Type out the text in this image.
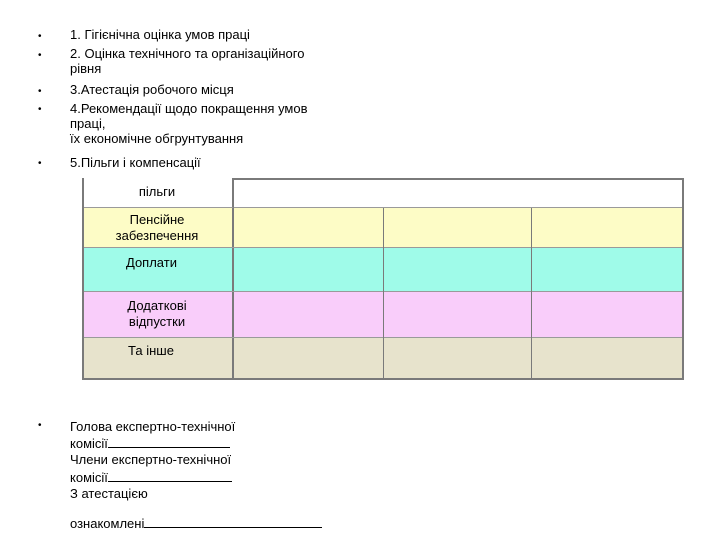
•
•
•
•
•
•
1. Гігієнічна оцінка умов праці
2. Оцінка технічного та організаційного
рівня
3.Атестація робочого місця
4.Рекомендації щодо покращення умов
праці,
їх економічне обгрунтування
5.Пільги і компенсації
пільги
Пенсійне
забезпечення
Доплати
Додаткові
відпустки
Та інше
Голова експертно-технічної
комісії
Члени експертно-технічної
комісії
З атестацією
ознакомлені
